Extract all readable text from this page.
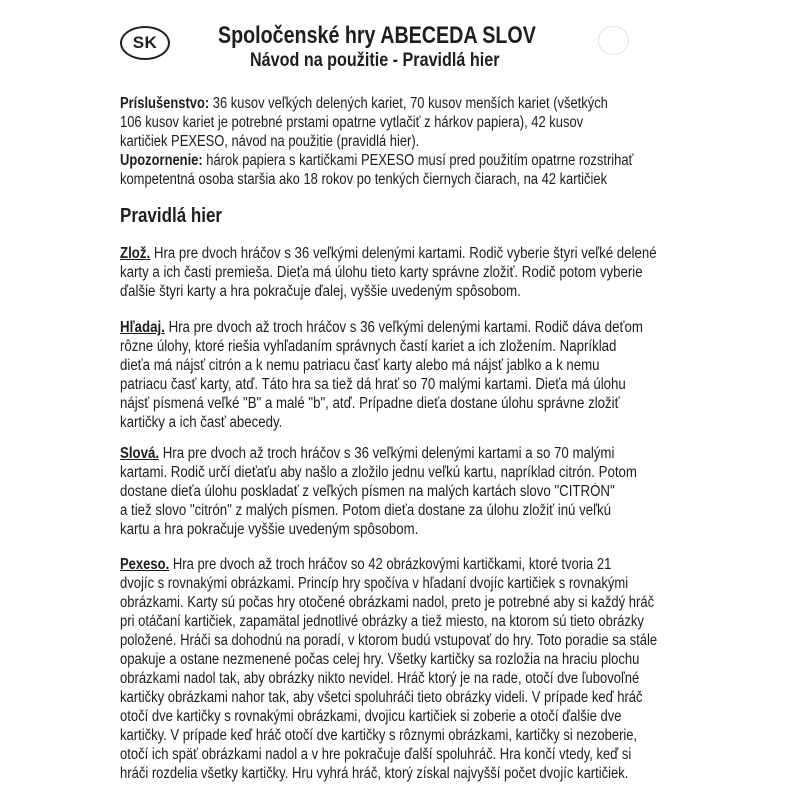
SK	Spoločenské hry ABECEDA SLOV
Návod na použitie - Pravidlá hier

Príslušenstvo: 36 kusov veľkých delených kariet, 70 kusov menších kariet (všetkých
106 kusov kariet je potrebné prstami opatrne vytlačiť z hárkov papiera), 42 kusov
kartičiek PEXESO, návod na použitie (pravidlá hier).
Upozornenie: hárok papiera s kartičkami PEXESO musí pred použitím opatrne rozstrihať
kompetentná osoba staršia ako 18 rokov po tenkých čiernych čiarach, na 42 kartičiek
Pravidlá hier
Zlož. Hra pre dvoch hráčov s 36 veľkými delenými kartami. Rodič vyberie štyri veľké delené
karty a ich časti premieša. Dieťa má úlohu tieto karty správne zložiť. Rodič potom vyberie
ďalšie štyri karty a hra pokračuje ďalej, vyššie uvedeným spôsobom.
Hľadaj. Hra pre dvoch až troch hráčov s 36 veľkými delenými kartami. Rodič dáva deťom
rôzne úlohy, ktoré riešia vyhľadaním správnych častí kariet a ich zložením. Napríklad
dieťa má nájsť citrón a k nemu patriacu časť karty alebo má nájsť jablko a k nemu
patriacu časť karty, atď. Táto hra sa tiež dá hrať so 70 malými kartami. Dieťa má úlohu
nájsť písmená veľké "B" a malé "b", atď. Prípadne dieťa dostane úlohu správne zložiť
kartičky a ich časť abecedy.
Slová. Hra pre dvoch až troch hráčov s 36 veľkými delenými kartami a so 70 malými
kartami. Rodič určí dieťaťu aby našlo a zložilo jednu veľkú kartu, napríklad citrón. Potom
dostane dieťa úlohu poskladať z veľkých písmen na malých kartách slovo "CITRÓN"
a tiež slovo "citrón" z malých písmen. Potom dieťa dostane za úlohu zložiť inú veľkú
kartu a hra pokračuje vyššie uvedeným spôsobom.
Pexeso. Hra pre dvoch až troch hráčov so 42 obrázkovými kartičkami, ktoré tvoria 21
dvojíc s rovnakými obrázkami. Princíp hry spočíva v hľadaní dvojíc kartičiek s rovnakými
obrázkami. Karty sú počas hry otočené obrázkami nadol, preto je potrebné aby si každý hráč
pri otáčaní kartičiek, zapamätal jednotlivé obrázky a tiež miesto, na ktorom sú tieto obrázky
položené. Hráči sa dohodnú na poradí, v ktorom budú vstupovať do hry. Toto poradie sa stále
opakuje a ostane nezmenené počas celej hry. Všetky kartičky sa rozložia na hraciu plochu
obrázkami nadol tak, aby obrázky nikto nevidel. Hráč ktorý je na rade, otočí dve ľubovoľné
kartičky obrázkami nahor tak, aby všetci spoluhráči tieto obrázky videli. V prípade keď hráč
otočí dve kartičky s rovnakými obrázkami, dvojicu kartičiek si zoberie a otočí ďalšie dve
kartičky. V prípade keď hráč otočí dve kartičky s rôznymi obrázkami, kartičky si nezoberie,
otočí ich späť obrázkami nadol a v hre pokračuje ďalší spoluhráč. Hra končí vtedy, keď si
hráči rozdelia všetky kartičky. Hru vyhrá hráč, ktorý získal najvyšší počet dvojíc kartičiek.
